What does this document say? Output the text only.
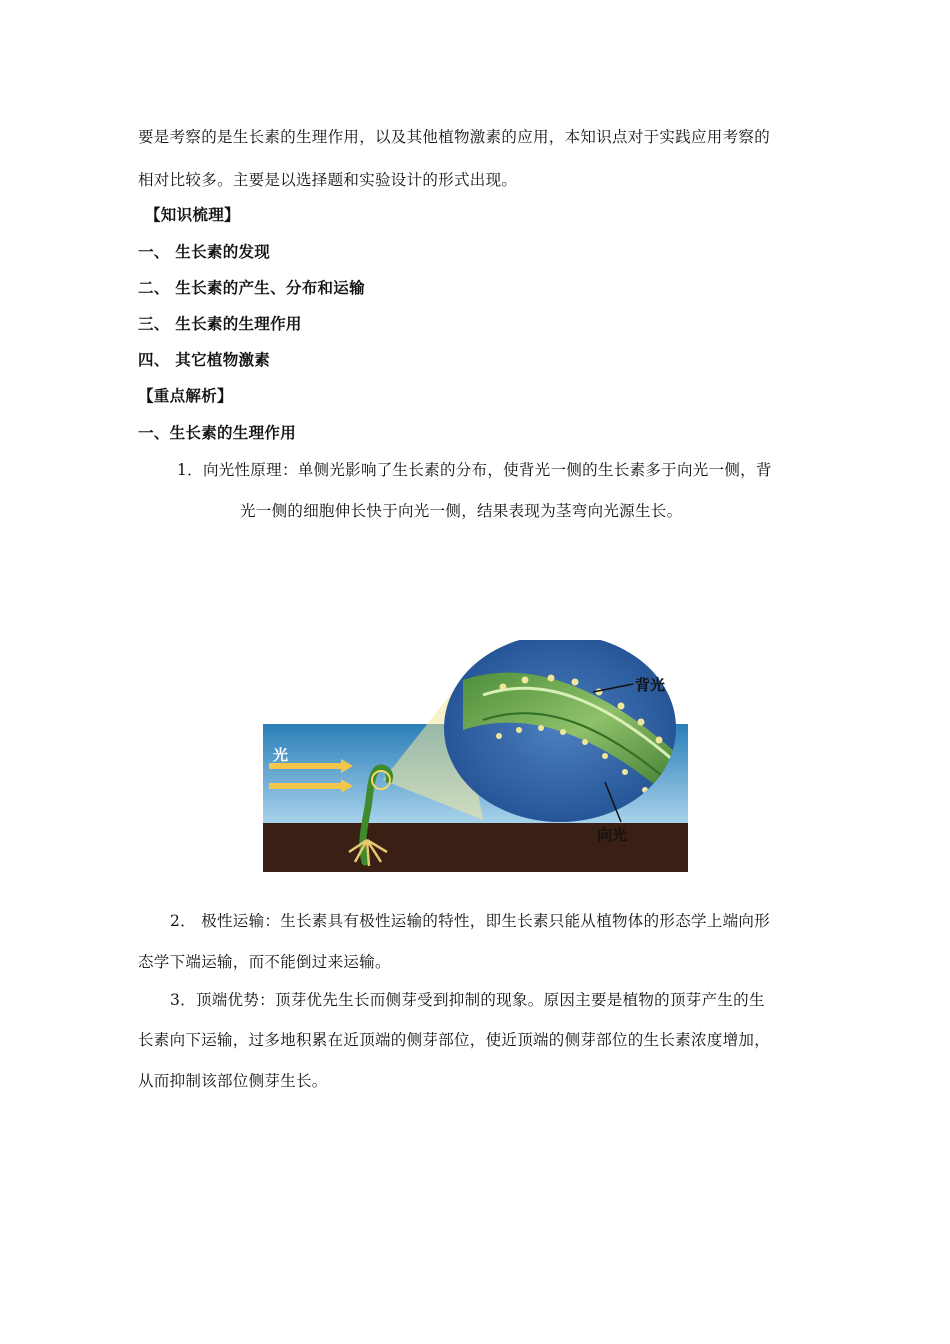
要是考察的是生长素的生理作用，以及其他植物激素的应用，本知识点对于实践应用考察的
相对比较多。主要是以选择题和实验设计的形式出现。
【知识梳理】
一、 生长素的发现
二、 生长素的产生、分布和运输
三、 生长素的生理作用
四、 其它植物激素
【重点解析】
一、生长素的生理作用
1．向光性原理：单侧光影响了生长素的分布，使背光一侧的生长素多于向光一侧，背
光一侧的细胞伸长快于向光一侧，结果表现为茎弯向光源生长。
光
背光
向光
2． 极性运输：生长素具有极性运输的特性，即生长素只能从植物体的形态学上端向形
态学下端运输，而不能倒过来运输。
3．顶端优势：顶芽优先生长而侧芽受到抑制的现象。原因主要是植物的顶芽产生的生
长素向下运输，过多地积累在近顶端的侧芽部位，使近顶端的侧芽部位的生长素浓度增加，
从而抑制该部位侧芽生长。
